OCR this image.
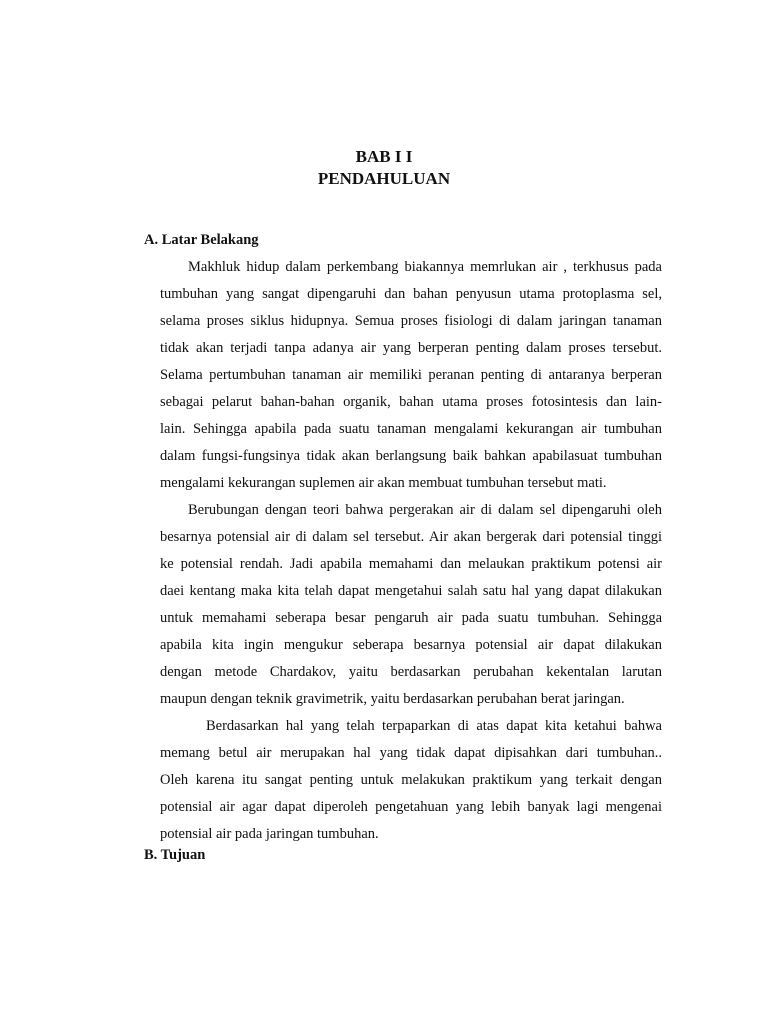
BAB I I
PENDAHULUAN
A. Latar Belakang
Makhluk hidup dalam perkembang biakannya memrlukan air , terkhusus pada
tumbuhan yang sangat dipengaruhi dan bahan penyusun utama protoplasma sel,
selama proses siklus hidupnya. Semua proses fisiologi di dalam jaringan tanaman
tidak akan terjadi tanpa adanya air yang berperan penting dalam proses tersebut.
Selama pertumbuhan tanaman air memiliki peranan penting di antaranya berperan
sebagai pelarut bahan-bahan organik, bahan utama proses fotosintesis dan lain-
lain. Sehingga apabila pada suatu tanaman mengalami kekurangan air tumbuhan
dalam fungsi-fungsinya tidak akan berlangsung baik bahkan apabilasuat tumbuhan
mengalami kekurangan suplemen air akan membuat tumbuhan tersebut mati.
Berubungan dengan teori bahwa pergerakan air di dalam sel dipengaruhi oleh
besarnya potensial air di dalam sel tersebut. Air akan bergerak dari potensial tinggi
ke potensial rendah. Jadi apabila memahami dan melaukan praktikum potensi air
daei kentang maka kita telah dapat mengetahui salah satu hal yang dapat dilakukan
untuk memahami seberapa besar pengaruh air pada suatu tumbuhan. Sehingga
apabila kita ingin mengukur seberapa besarnya potensial air dapat dilakukan
dengan metode Chardakov, yaitu berdasarkan perubahan kekentalan larutan
maupun dengan teknik gravimetrik, yaitu berdasarkan perubahan berat jaringan.
Berdasarkan hal yang telah terpaparkan di atas dapat kita ketahui bahwa
memang betul air merupakan hal yang tidak dapat dipisahkan dari tumbuhan..
Oleh karena itu sangat penting untuk melakukan praktikum yang terkait dengan
potensial air agar dapat diperoleh pengetahuan yang lebih banyak lagi mengenai
potensial air pada jaringan tumbuhan.
B. Tujuan
